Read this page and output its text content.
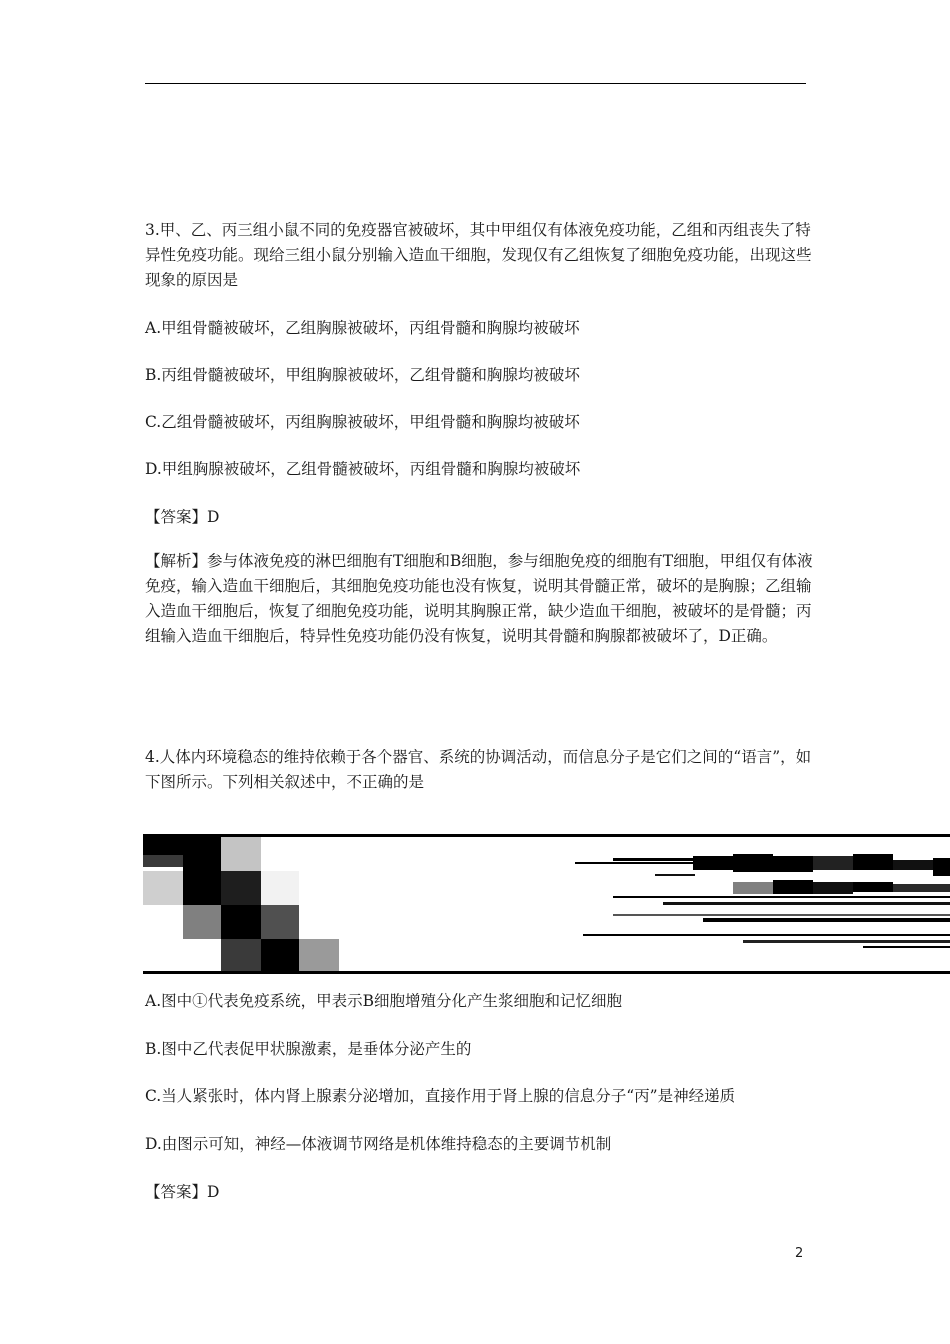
3.甲、乙、丙三组小鼠不同的免疫器官被破坏，其中甲组仅有体液免疫功能，乙组和丙组丧失了特异性免疫功能。现给三组小鼠分别输入造血干细胞，发现仅有乙组恢复了细胞免疫功能，出现这些现象的原因是

A.甲组骨髓被破坏，乙组胸腺被破坏，丙组骨髓和胸腺均被破坏
B.丙组骨髓被破坏，甲组胸腺被破坏，乙组骨髓和胸腺均被破坏
C.乙组骨髓被破坏，丙组胸腺被破坏，甲组骨髓和胸腺均被破坏
D.甲组胸腺被破坏，乙组骨髓被破坏，丙组骨髓和胸腺均被破坏
【答案】D

【解析】参与体液免疫的淋巴细胞有T细胞和B细胞，参与细胞免疫的细胞有T细胞，甲组仅有体液免疫，输入造血干细胞后，其细胞免疫功能也没有恢复，说明其骨髓正常，破坏的是胸腺；乙组输入造血干细胞后，恢复了细胞免疫功能，说明其胸腺正常，缺少造血干细胞，被破坏的是骨髓；丙组输入造血干细胞后，特异性免疫功能仍没有恢复，说明其骨髓和胸腺都被破坏了，D正确。

4.人体内环境稳态的维持依赖于各个器官、系统的协调活动，而信息分子是它们之间的“语言”，如下图所示。下列相关叙述中，不正确的是

A.图中①代表免疫系统，甲表示B细胞增殖分化产生浆细胞和记忆细胞
B.图中乙代表促甲状腺激素，是垂体分泌产生的
C.当人紧张时，体内肾上腺素分泌增加，直接作用于肾上腺的信息分子“丙”是神经递质
D.由图示可知，神经—体液调节网络是机体维持稳态的主要调节机制
【答案】D
2
